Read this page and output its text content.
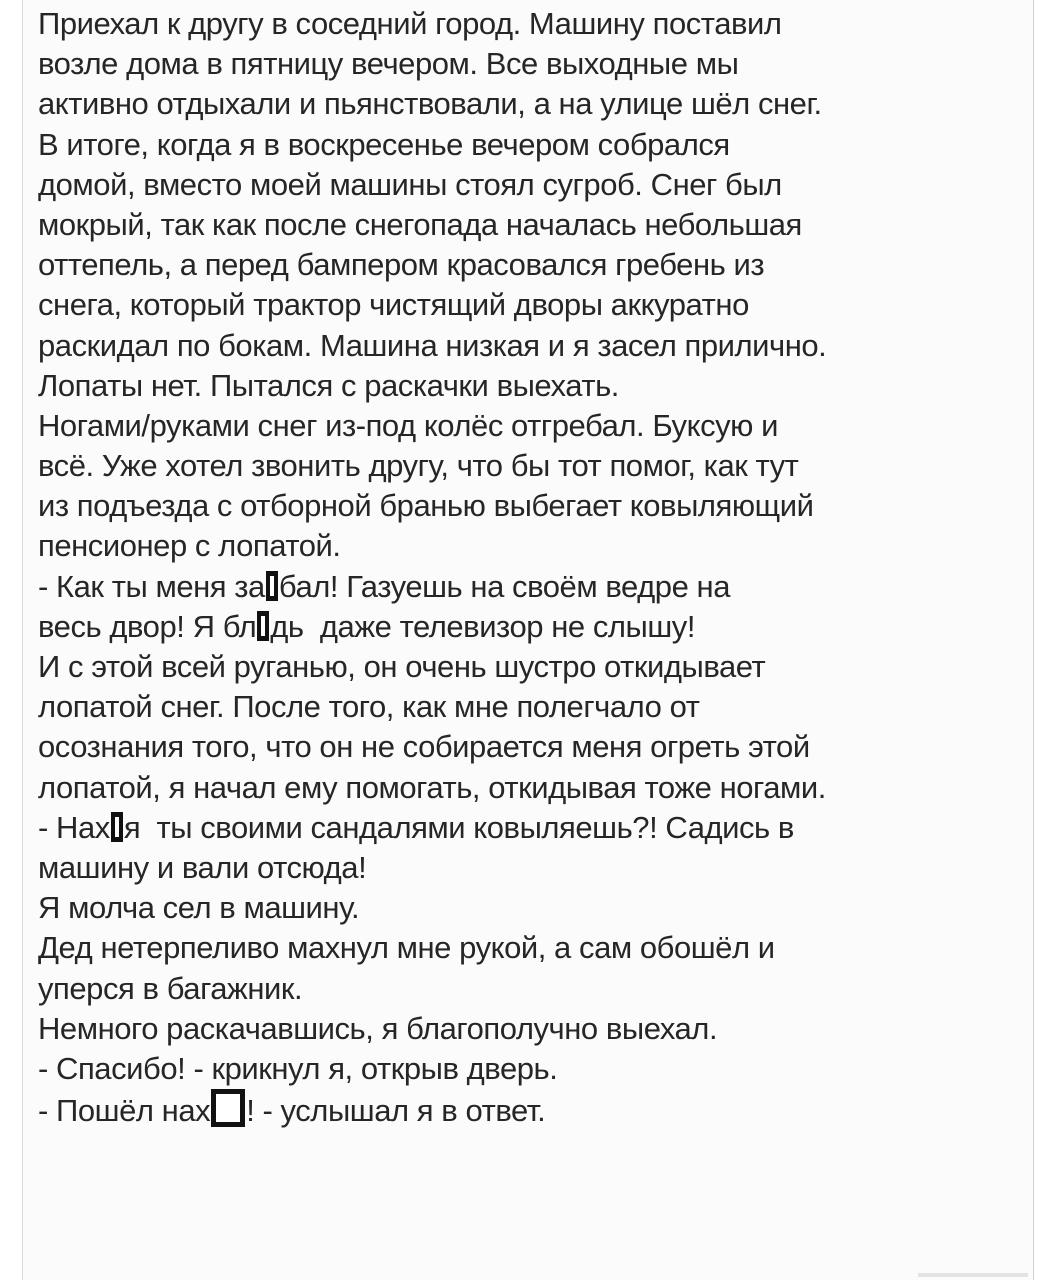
Приехал к другу в соседний город. Машину поставил
возле дома в пятницу вечером. Все выходные мы
активно отдыхали и пьянствовали, а на улице шёл снег.
В итоге, когда я в воскресенье вечером собрался
домой, вместо моей машины стоял сугроб. Снег был
мокрый, так как после снегопада началась небольшая
оттепель, а перед бампером красовался гребень из
снега, который трактор чистящий дворы аккуратно
раскидал по бокам. Машина низкая и я засел прилично.
Лопаты нет. Пытался с раскачки выехать.
Ногами/руками снег из-под колёс отгребал. Буксую и
всё. Уже хотел звонить другу, что бы тот помог, как тут
из подъезда с отборной бранью выбегает ковыляющий
пенсионер с лопатой.
- Как ты меня за бал! Газуешь на своём ведре на
весь двор! Я бл дь  даже телевизор не слышу!
И с этой всей руганью, он очень шустро откидывает
лопатой снег. После того, как мне полегчало от
осознания того, что он не собирается меня огреть этой
лопатой, я начал ему помогать, откидывая тоже ногами.
- Нах я  ты своими сандалями ковыляешь?! Садись в
машину и вали отсюда!
Я молча сел в машину.
Дед нетерпеливо махнул мне рукой, а сам обошёл и
уперся в багажник.
Немного раскачавшись, я благополучно выехал.
- Спасибо! - крикнул я, открыв дверь.
- Пошёл нах ! - услышал я в ответ.
